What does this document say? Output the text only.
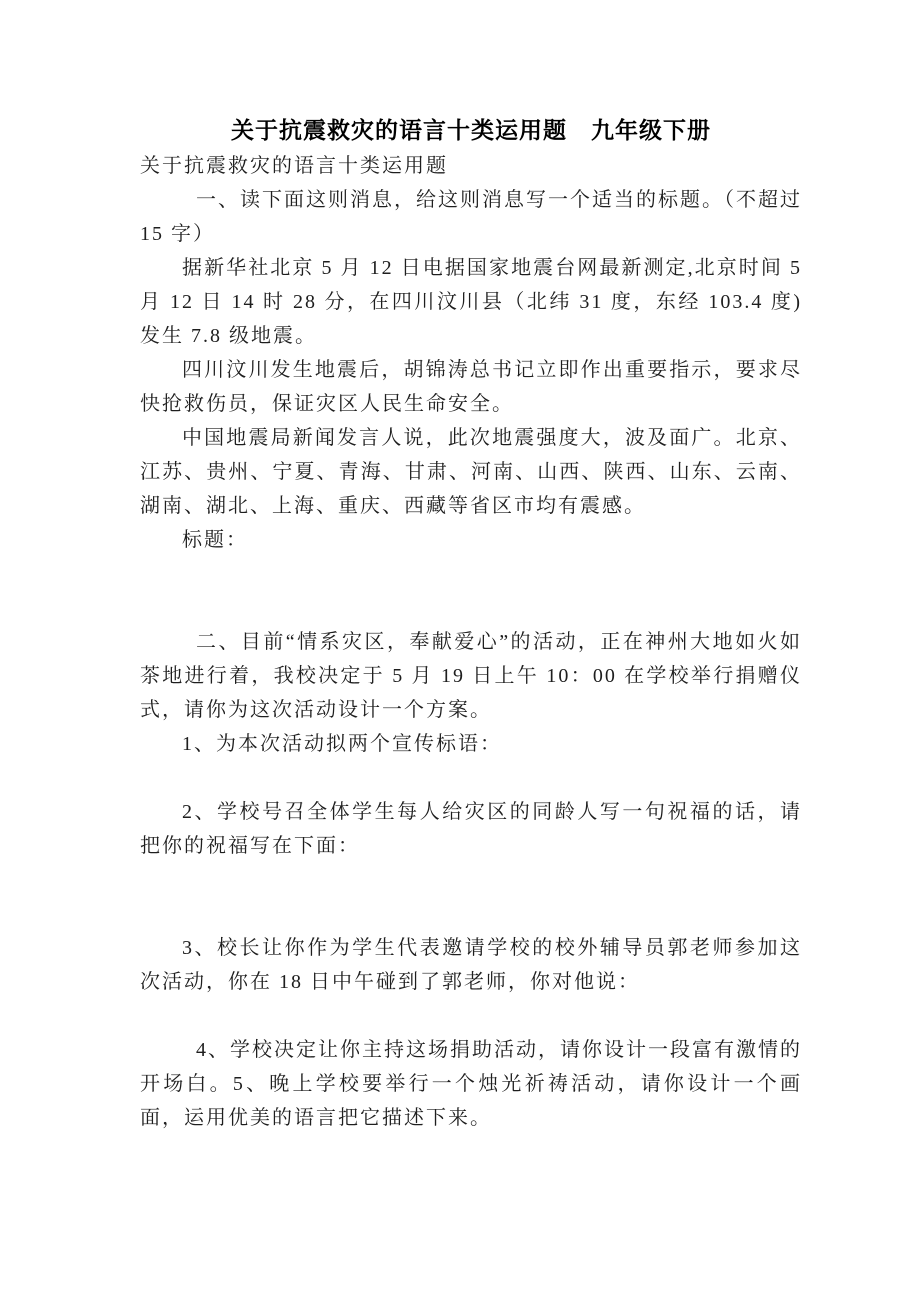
关于抗震救灾的语言十类运用题　九年级下册

关于抗震救灾的语言十类运用题

一、读下面这则消息，给这则消息写一个适当的标题。（不超过 15 字）

据新华社北京 5 月 12 日电据国家地震台网最新测定,北京时间 5 月 12 日 14 时 28 分，在四川汶川县（北纬 31 度，东经 103.4 度)发生 7.8 级地震。

四川汶川发生地震后，胡锦涛总书记立即作出重要指示，要求尽快抢救伤员，保证灾区人民生命安全。

中国地震局新闻发言人说，此次地震强度大，波及面广。北京、江苏、贵州、宁夏、青海、甘肃、河南、山西、陕西、山东、云南、湖南、湖北、上海、重庆、西藏等省区市均有震感。

标题：

二、目前“情系灾区，奉献爱心”的活动，正在神州大地如火如茶地进行着，我校决定于 5 月 19 日上午 10：00 在学校举行捐赠仪式，请你为这次活动设计一个方案。

1、为本次活动拟两个宣传标语：

2、学校号召全体学生每人给灾区的同龄人写一句祝福的话，请把你的祝福写在下面：

3、校长让你作为学生代表邀请学校的校外辅导员郭老师参加这次活动，你在 18 日中午碰到了郭老师，你对他说：

4、学校决定让你主持这场捐助活动，请你设计一段富有激情的开场白。5、晚上学校要举行一个烛光祈祷活动，请你设计一个画面，运用优美的语言把它描述下来。
